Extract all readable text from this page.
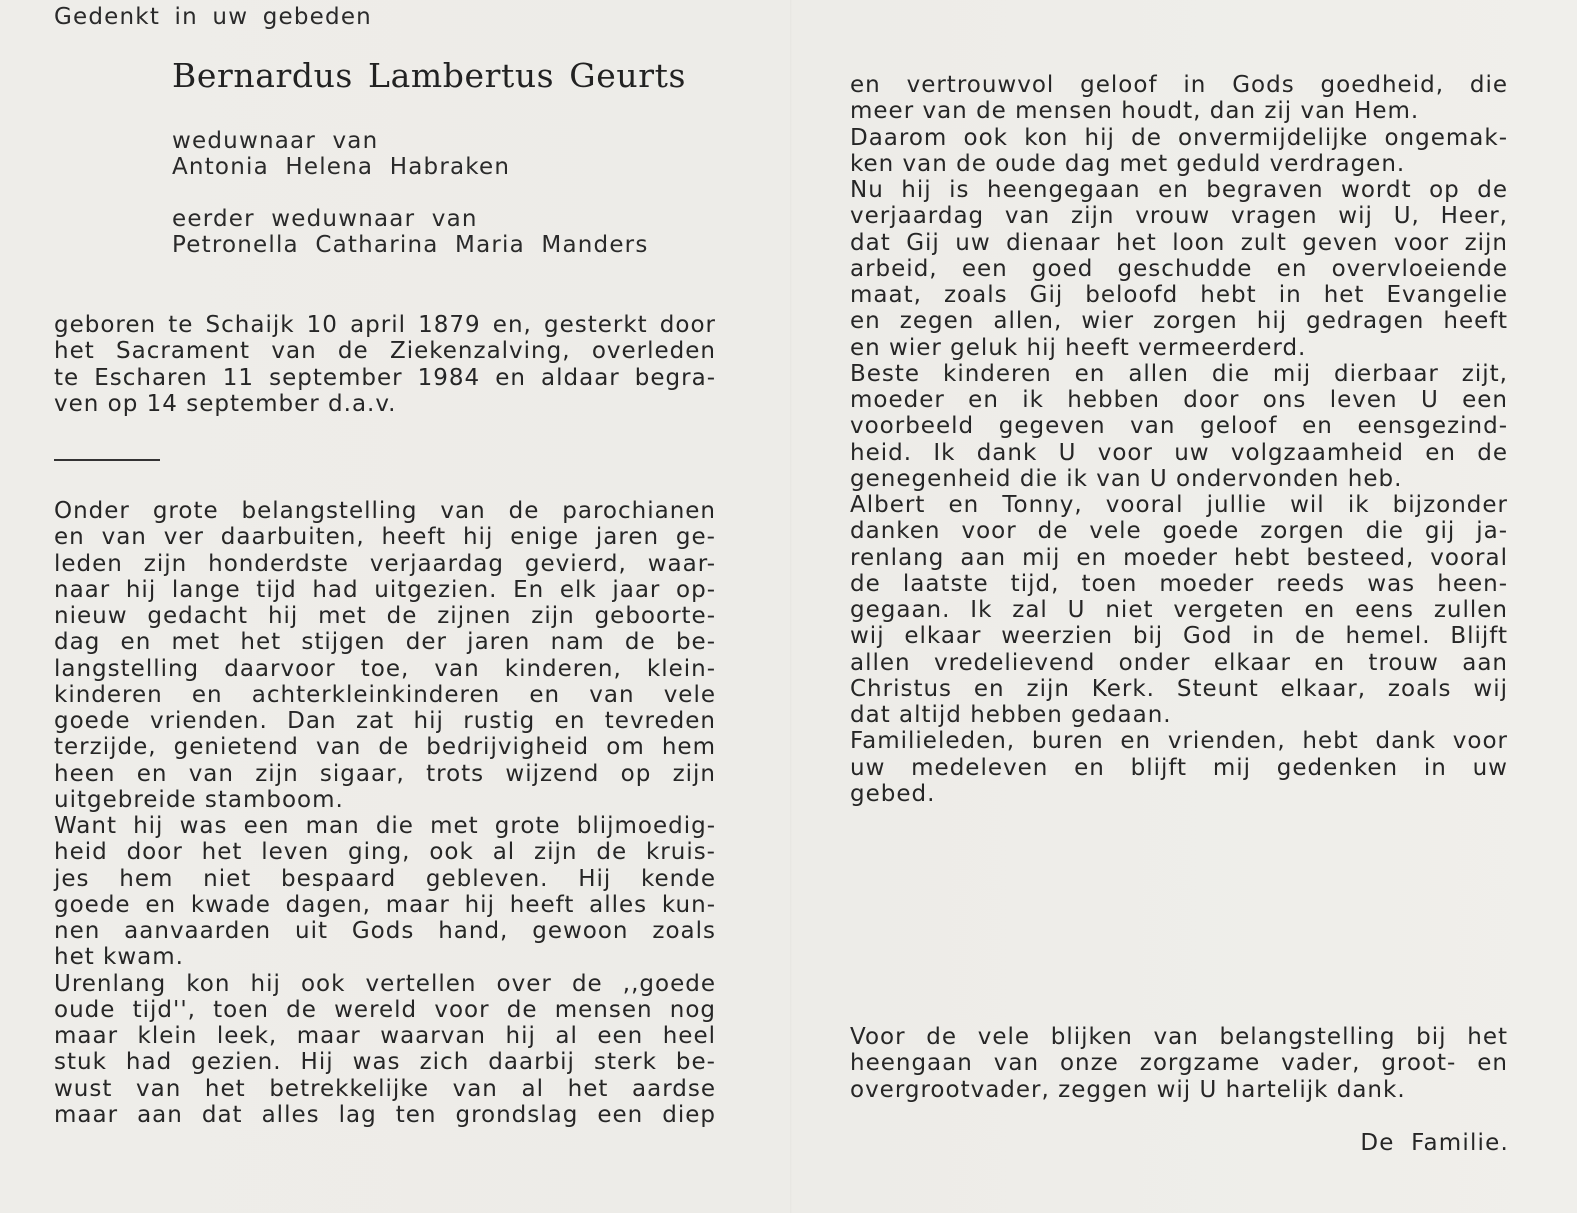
Gedenkt in uw gebeden
Bernardus Lambertus Geurts

weduwnaar van

Antonia Helena Habraken

eerder weduwnaar van

Petronella Catharina Maria Manders

geboren te Schaijk 10 april 1879 en, gesterkt door

het Sacrament van de Ziekenzalving, overleden

te Escharen 11 september 1984 en aldaar begra-

ven op 14 september d.a.v.

Onder grote belangstelling van de parochianen

en van ver daarbuiten, heeft hij enige jaren ge-

leden zijn honderdste verjaardag gevierd, waar-

naar hij lange tijd had uitgezien. En elk jaar op-

nieuw gedacht hij met de zijnen zijn geboorte-

dag en met het stijgen der jaren nam de be-

langstelling daarvoor toe, van kinderen, klein-

kinderen en achterkleinkinderen en van vele

goede vrienden. Dan zat hij rustig en tevreden

terzijde, genietend van de bedrijvigheid om hem

heen en van zijn sigaar, trots wijzend op zijn

uitgebreide stamboom.

Want hij was een man die met grote blijmoedig-

heid door het leven ging, ook al zijn de kruis-

jes hem niet bespaard gebleven. Hij kende

goede en kwade dagen, maar hij heeft alles kun-

nen aanvaarden uit Gods hand, gewoon zoals

het kwam.

Urenlang kon hij ook vertellen over de ,,goede

oude tijd'', toen de wereld voor de mensen nog

maar klein leek, maar waarvan hij al een heel

stuk had gezien. Hij was zich daarbij sterk be-

wust van het betrekkelijke van al het aardse

maar aan dat alles lag ten grondslag een diep

en vertrouwvol geloof in Gods goedheid, die

meer van de mensen houdt, dan zij van Hem.

Daarom ook kon hij de onvermijdelijke ongemak-

ken van de oude dag met geduld verdragen.

Nu hij is heengegaan en begraven wordt op de

verjaardag van zijn vrouw vragen wij U, Heer,

dat Gij uw dienaar het loon zult geven voor zijn

arbeid, een goed geschudde en overvloeiende

maat, zoals Gij beloofd hebt in het Evangelie

en zegen allen, wier zorgen hij gedragen heeft

en wier geluk hij heeft vermeerderd.

Beste kinderen en allen die mij dierbaar zijt,

moeder en ik hebben door ons leven U een

voorbeeld gegeven van geloof en eensgezind-

heid. Ik dank U voor uw volgzaamheid en de

genegenheid die ik van U ondervonden heb.

Albert en Tonny, vooral jullie wil ik bijzonder

danken voor de vele goede zorgen die gij ja-

renlang aan mij en moeder hebt besteed, vooral

de laatste tijd, toen moeder reeds was heen-

gegaan. Ik zal U niet vergeten en eens zullen

wij elkaar weerzien bij God in de hemel. Blijft

allen vredelievend onder elkaar en trouw aan

Christus en zijn Kerk. Steunt elkaar, zoals wij

dat altijd hebben gedaan.

Familieleden, buren en vrienden, hebt dank voor

uw medeleven en blijft mij gedenken in uw

gebed.

Voor de vele blijken van belangstelling bij het

heengaan van onze zorgzame vader, groot- en

overgrootvader, zeggen wij U hartelijk dank.

De Familie.
